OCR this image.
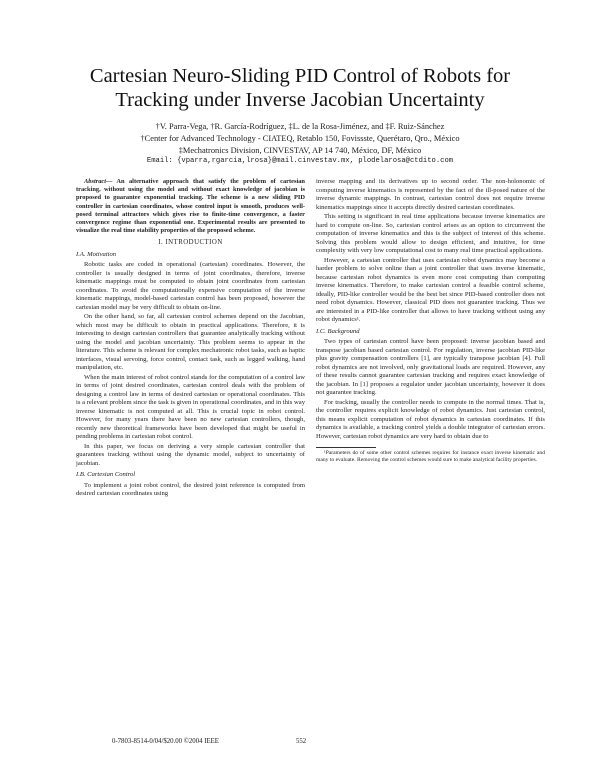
Cartesian Neuro-Sliding PID Control of Robots for Tracking under Inverse Jacobian Uncertainty
†V. Parra-Vega, †R. García-Rodríguez, ‡L. de la Rosa-Jiménez, and ‡F. Ruiz-Sánchez
†Center for Advanced Technology - CIATEQ, Retablo 150, Fovissste, Querétaro, Qro., México
‡Mechatronics Division, CINVESTAV, AP 14 740, México, DF, México
Email: {vparra,rgarcia,lrosa}@mail.cinvestav.mx, plodelarosa@ctdito.com

Abstract— An alternative approach that satisfy the problem of cartesian tracking, without using the model and without exact knowledge of jacobian is proposed to guarantee exponential tracking. The scheme is a new sliding PID controller in cartesian coordinates, whose control input is smooth, produces well-posed terminal attractors which gives rise to finite-time convergence, a faster convergence regime than exponential one. Experimental results are presented to visualize the real time stability properties of the proposed scheme.

I. INTRODUCTION
I.A. Motivation

Robotic tasks are coded in operational (cartesian) coordinates. However, the controller is usually designed in terms of joint coordinates, therefore, inverse kinematic mappings must be computed to obtain joint coordinates from cartesian coordinates. To avoid the computationally expensive computation of the inverse kinematic mappings, model-based cartesian control has been proposed, however the cartesian model may be very difficult to obtain on-line.

On the other hand, so far, all cartesian control schemes depend on the Jacobian, which most may be difficult to obtain in practical applications. Therefore, it is interesting to design cartesian controllers that guarantee analytically tracking without using the model and jacobian uncertainty. This problem seems to appear in the literature. This scheme is relevant for complex mechatronic robot tasks, such as haptic interfaces, visual servoing, force control, contact task, such as legged walking, hand manipulation, etc.

When the main interest of robot control stands for the computation of a control law in terms of joint desired coordinates, cartesian control deals with the problem of designing a control law in terms of desired cartesian or operational coordinates. This is a relevant problem since the task is given in operational coordinates, and in this way inverse kinematic is not computed at all. This is crucial topic in robot control. However, for many years there have been no new cartesian controllers, though, recently new theoretical frameworks have been developed that might be useful in pending problems in cartesian robot control.

In this paper, we focus on deriving a very simple cartesian controller that guarantees tracking without using the dynamic model, subject to uncertainty of jacobian.

I.B. Cartesian Control

To implement a joint robot control, the desired joint reference is computed from desired cartesian coordinates using

inverse mapping and its derivatives up to second order. The non-holonomic of computing inverse kinematics is represented by the fact of the ill-posed nature of the inverse dynamic mappings. In contrast, cartesian control does not require inverse kinematics mappings since it accepts directly desired cartesian coordinates.

This setting is significant in real time applications because inverse kinematics are hard to compute on-line. So, cartesian control arises as an option to circumvent the computation of inverse kinematics and this is the subject of interest of this scheme. Solving this problem would allow to design efficient, and intuitive, for time complexity with very low computational cost to many real time practical applications.

However, a cartesian controller that uses cartesian robot dynamics may become a harder problem to solve online than a joint controller that uses inverse kinematic, because cartesian robot dynamics is even more cost computing than computing inverse kinematics. Therefore, to make cartesian control a feasible control scheme, ideally, PID-like controller would be the best bet since PID-based controller does not need robot dynamics. However, classical PID does not guarantee tracking. Thus we are interested in a PID-like controller that allows to have tracking without using any robot dynamics¹.

I.C. Background

Two types of cartesian control have been proposed: inverse jacobian based and transpose jacobian based cartesian control. For regulation, inverse jacobian PID-like plus gravity compensation controllers [1], are typically transpose jacobian [4]. Full robot dynamics are not involved, only gravitational loads are required. However, any of these results cannot guarantee cartesian tracking and requires exact knowledge of the jacobian. In [1] proposes a regulator under jacobian uncertainty, however it does not guarantee tracking.

For tracking, usually the controller needs to compute in the normal times. That is, the controller requires explicit knowledge of robot dynamics. Just cartesian control, this means explicit computation of robot dynamics in cartesian coordinates. If this dynamics is available, a tracking control yields a double integrator of cartesian errors. However, cartesian robot dynamics are very hard to obtain due to

¹Parameters do of some other control schemes requires for instance exact inverse kinematic and many to evaluate. Removing the control schemes would sure to make analytical facility properties.

0-7803-8514-0/04/$20.00 ©2004 IEEE	552
